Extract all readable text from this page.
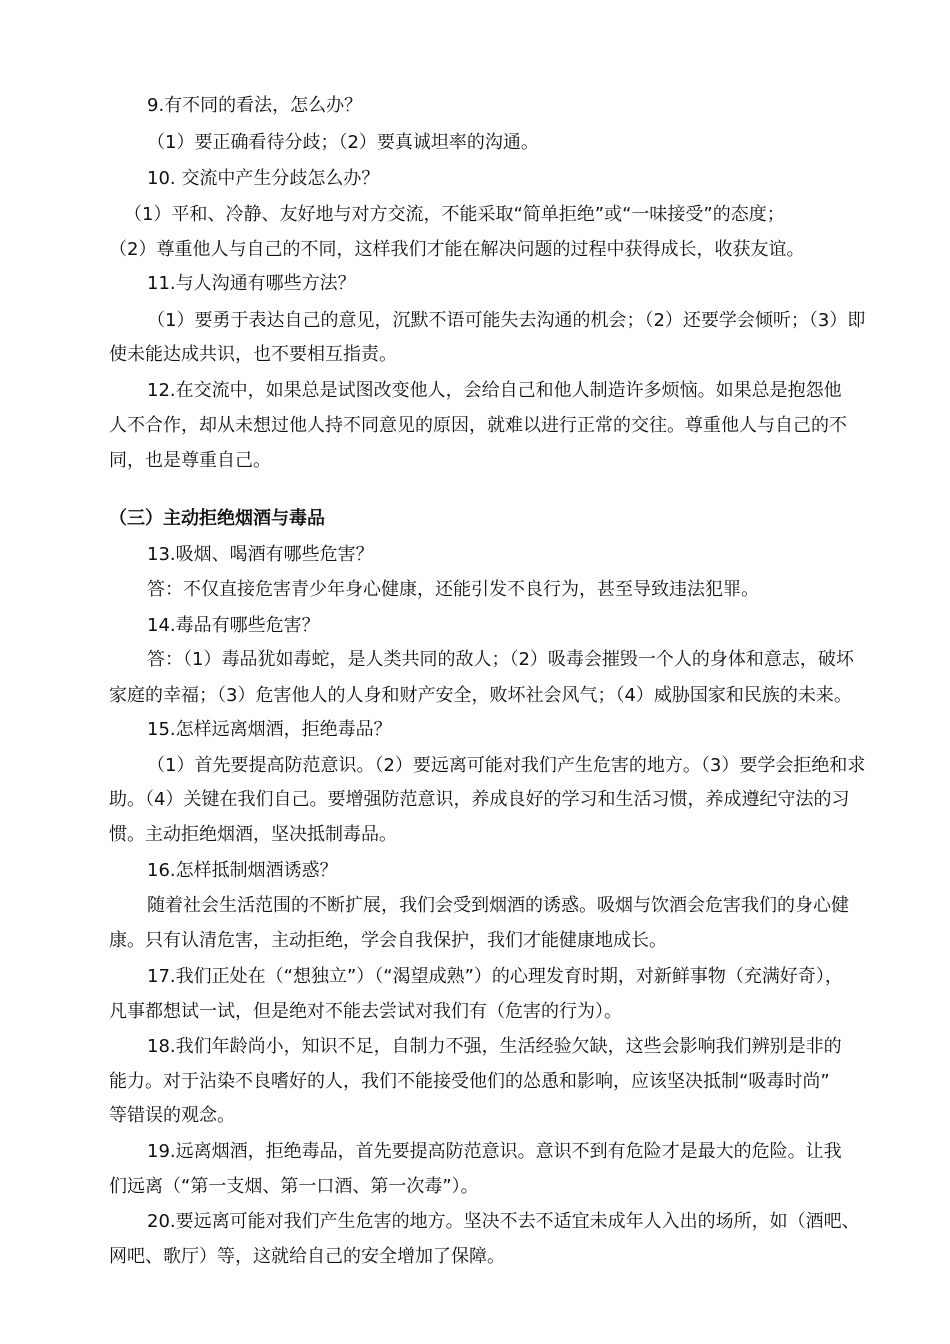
9.有不同的看法，怎么办？
（1）要正确看待分歧；（2）要真诚坦率的沟通。
10. 交流中产生分歧怎么办？
（1）平和、冷静、友好地与对方交流，不能采取“简单拒绝”或“一味接受”的态度；
（2）尊重他人与自己的不同，这样我们才能在解决问题的过程中获得成长，收获友谊。
11.与人沟通有哪些方法？
（1）要勇于表达自己的意见，沉默不语可能失去沟通的机会；（2）还要学会倾听；（3）即
使未能达成共识，也不要相互指责。
12.在交流中，如果总是试图改变他人，会给自己和他人制造许多烦恼。如果总是抱怨他
人不合作，却从未想过他人持不同意见的原因，就难以进行正常的交往。尊重他人与自己的不
同，也是尊重自己。
（三）主动拒绝烟酒与毒品
13.吸烟、喝酒有哪些危害？
答：不仅直接危害青少年身心健康，还能引发不良行为，甚至导致违法犯罪。
14.毒品有哪些危害？
答：（1）毒品犹如毒蛇，是人类共同的敌人；（2）吸毒会摧毁一个人的身体和意志，破坏
家庭的幸福；（3）危害他人的人身和财产安全，败坏社会风气；（4）威胁国家和民族的未来。
15.怎样远离烟酒，拒绝毒品？
（1）首先要提高防范意识。（2）要远离可能对我们产生危害的地方。（3）要学会拒绝和求
助。（4）关键在我们自己。要增强防范意识，养成良好的学习和生活习惯，养成遵纪守法的习
惯。主动拒绝烟酒，坚决抵制毒品。
16.怎样抵制烟酒诱惑？
随着社会生活范围的不断扩展，我们会受到烟酒的诱惑。吸烟与饮酒会危害我们的身心健
康。只有认清危害，主动拒绝，学会自我保护，我们才能健康地成长。
17.我们正处在（“想独立”）（“渴望成熟”）的心理发育时期，对新鲜事物（充满好奇），
凡事都想试一试，但是绝对不能去尝试对我们有（危害的行为）。
18.我们年龄尚小，知识不足，自制力不强，生活经验欠缺，这些会影响我们辨别是非的
能力。对于沾染不良嗜好的人，我们不能接受他们的怂恿和影响，应该坚决抵制“吸毒时尚”
等错误的观念。
19.远离烟酒，拒绝毒品，首先要提高防范意识。意识不到有危险才是最大的危险。让我
们远离（“第一支烟、第一口酒、第一次毒”）。
20.要远离可能对我们产生危害的地方。坚决不去不适宜未成年人入出的场所，如（酒吧、
网吧、歌厅）等，这就给自己的安全增加了保障。
